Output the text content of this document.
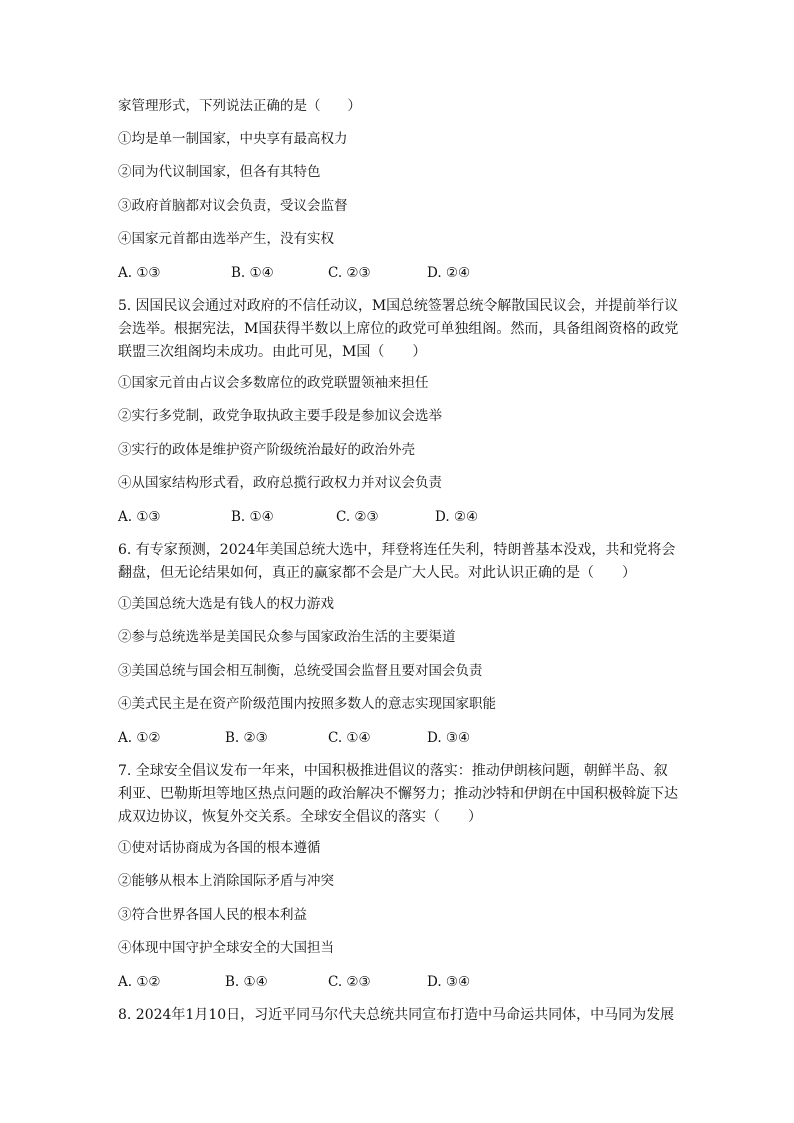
家管理形式，下列说法正确的是（　　）
①均是单一制国家，中央享有最高权力
②同为代议制国家，但各有其特色
③政府首脑都对议会负责，受议会监督
④国家元首都由选举产生，没有实权
A. ①③	B. ①④	C. ②③	D. ②④
5. 因国民议会通过对政府的不信任动议，M国总统签署总统令解散国民议会，并提前举行议
会选举。根据宪法，M国获得半数以上席位的政党可单独组阁。然而，具备组阁资格的政党
联盟三次组阁均未成功。由此可见，M国（　　）
①国家元首由占议会多数席位的政党联盟领袖来担任
②实行多党制，政党争取执政主要手段是参加议会选举
③实行的政体是维护资产阶级统治最好的政治外壳
④从国家结构形式看，政府总揽行政权力并对议会负责
A. ①③	B. ①④	C. ②③	D. ②④
6. 有专家预测，2024年美国总统大选中，拜登将连任失利，特朗普基本没戏，共和党将会
翻盘，但无论结果如何，真正的赢家都不会是广大人民。对此认识正确的是（　　）
①美国总统大选是有钱人的权力游戏
②参与总统选举是美国民众参与国家政治生活的主要渠道
③美国总统与国会相互制衡，总统受国会监督且要对国会负责
④美式民主是在资产阶级范围内按照多数人的意志实现国家职能
A. ①②	B. ②③	C. ①④	D. ③④
7. 全球安全倡议发布一年来，中国积极推进倡议的落实：推动伊朗核问题，朝鲜半岛、叙
利亚、巴勒斯坦等地区热点问题的政治解决不懈努力；推动沙特和伊朗在中国积极斡旋下达
成双边协议，恢复外交关系。全球安全倡议的落实（　　）
①使对话协商成为各国的根本遵循
②能够从根本上消除国际矛盾与冲突
③符合世界各国人民的根本利益
④体现中国守护全球安全的大国担当
A. ①②	B. ①④	C. ②③	D. ③④
8. 2024年1月10日，习近平同马尔代夫总统共同宣布打造中马命运共同体，中马同为发展
